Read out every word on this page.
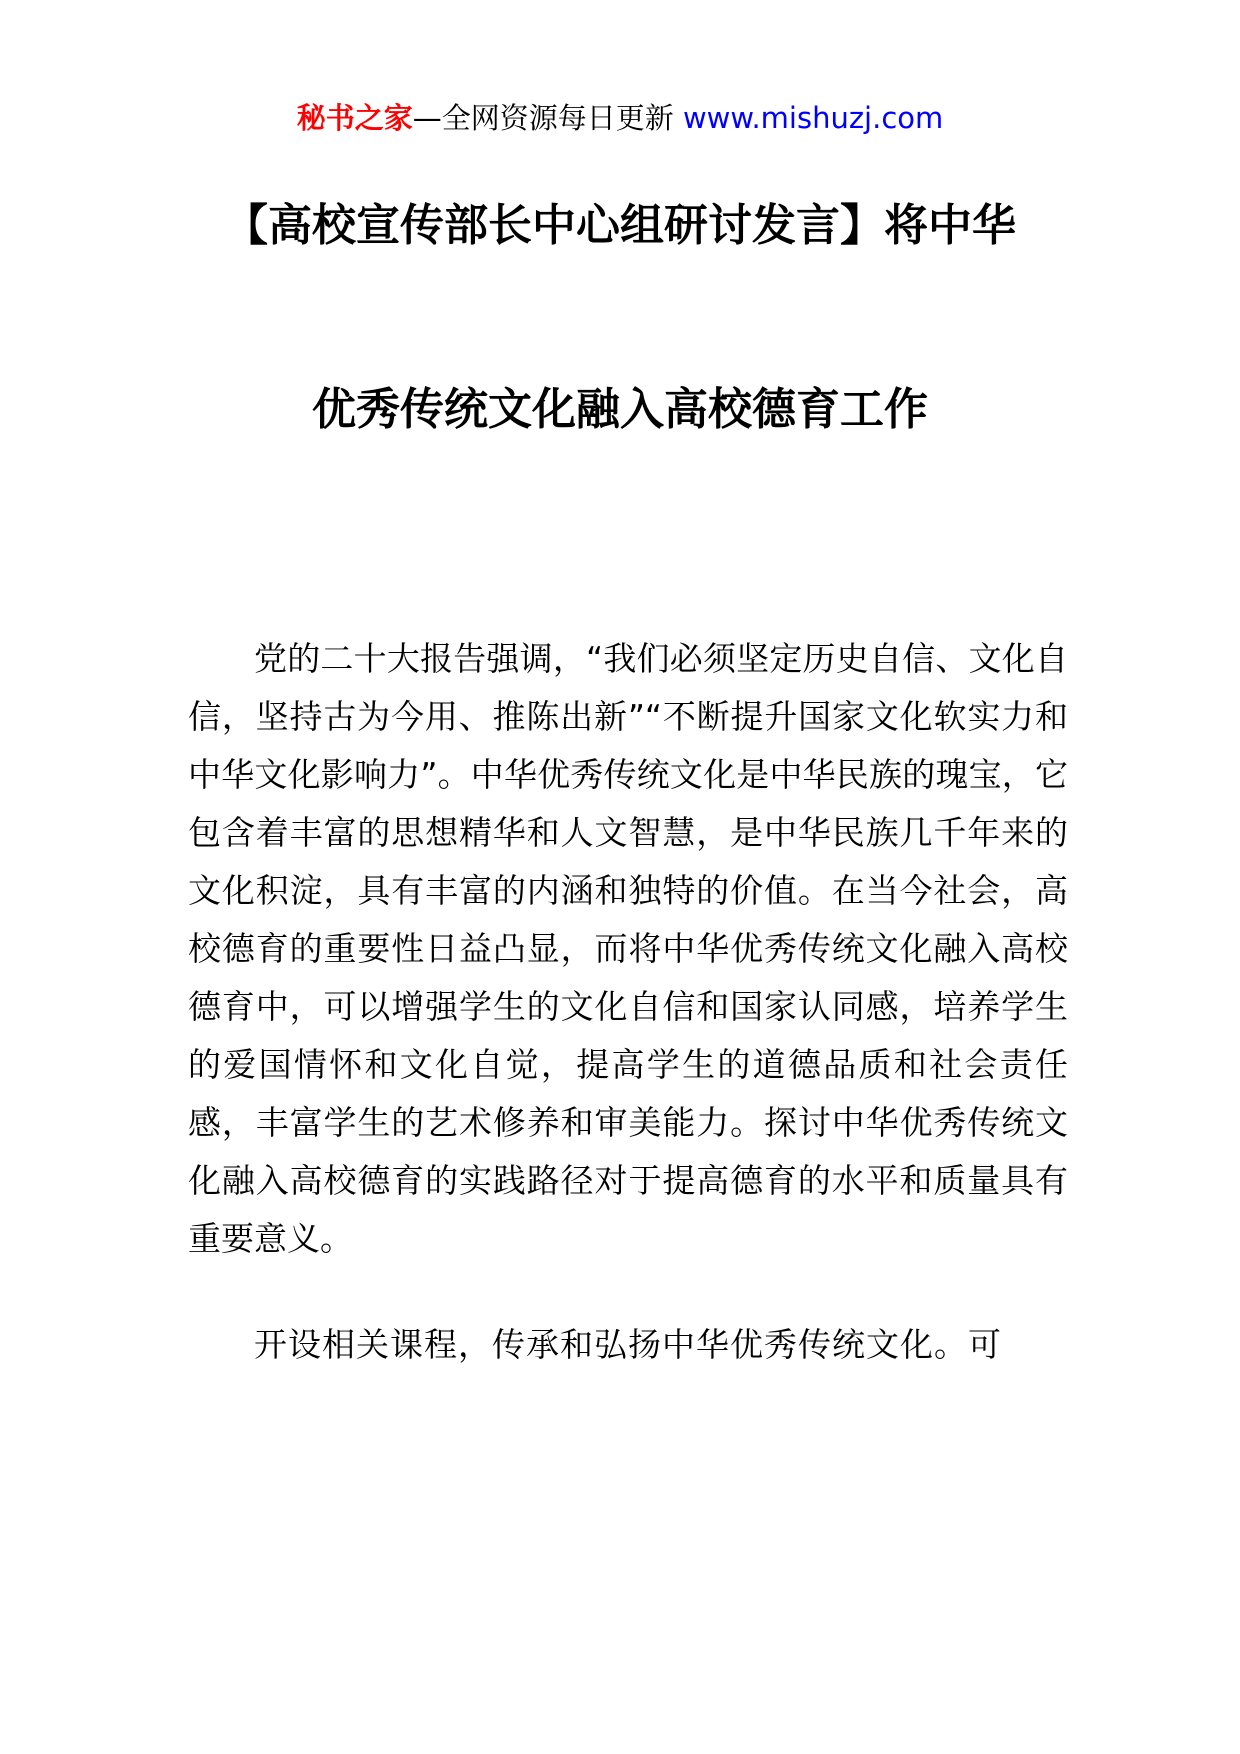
秘书之家—全网资源每日更新 www.mishuzj.com
【高校宣传部长中心组研讨发言】将中华
优秀传统文化融入高校德育工作

党的二十大报告强调，“我们必须坚定历史自信、文化自信，坚持古为今用、推陈出新”“不断提升国家文化软实力和中华文化影响力”。中华优秀传统文化是中华民族的瑰宝，它包含着丰富的思想精华和人文智慧，是中华民族几千年来的文化积淀，具有丰富的内涵和独特的价值。在当今社会，高校德育的重要性日益凸显，而将中华优秀传统文化融入高校德育中，可以增强学生的文化自信和国家认同感，培养学生的爱国情怀和文化自觉，提高学生的道德品质和社会责任感，丰富学生的艺术修养和审美能力。探讨中华优秀传统文化融入高校德育的实践路径对于提高德育的水平和质量具有重要意义。

开设相关课程，传承和弘扬中华优秀传统文化。可
